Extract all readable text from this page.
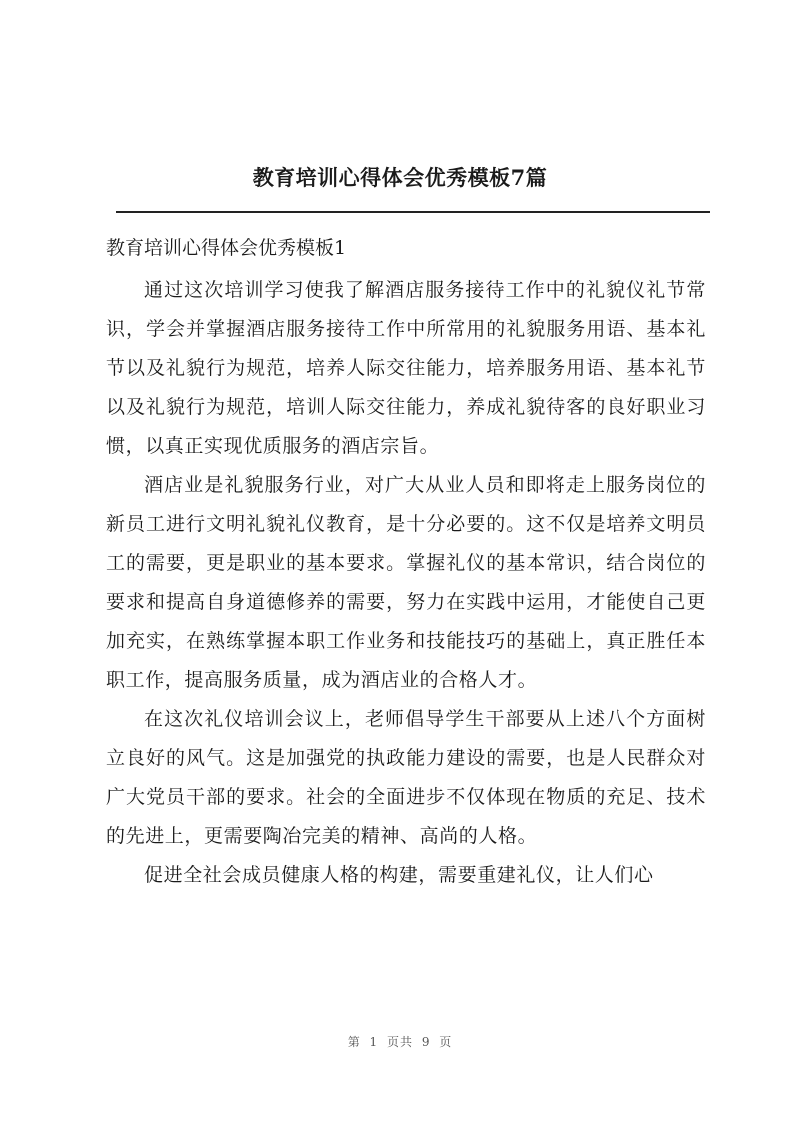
教育培训心得体会优秀模板7篇
教育培训心得体会优秀模板1

通过这次培训学习使我了解酒店服务接待工作中的礼貌仪礼节常识，学会并掌握酒店服务接待工作中所常用的礼貌服务用语、基本礼节以及礼貌行为规范，培养人际交往能力，培养服务用语、基本礼节以及礼貌行为规范，培训人际交往能力，养成礼貌待客的良好职业习惯，以真正实现优质服务的酒店宗旨。

酒店业是礼貌服务行业，对广大从业人员和即将走上服务岗位的新员工进行文明礼貌礼仪教育，是十分必要的。这不仅是培养文明员工的需要，更是职业的基本要求。掌握礼仪的基本常识，结合岗位的要求和提高自身道德修养的需要，努力在实践中运用，才能使自己更加充实，在熟练掌握本职工作业务和技能技巧的基础上，真正胜任本职工作，提高服务质量，成为酒店业的合格人才。

在这次礼仪培训会议上，老师倡导学生干部要从上述八个方面树立良好的风气。这是加强党的执政能力建设的需要，也是人民群众对广大党员干部的要求。社会的全面进步不仅体现在物质的充足、技术的先进上，更需要陶冶完美的精神、高尚的人格。

促进全社会成员健康人格的构建，需要重建礼仪，让人们心

第 1 页共 9 页
